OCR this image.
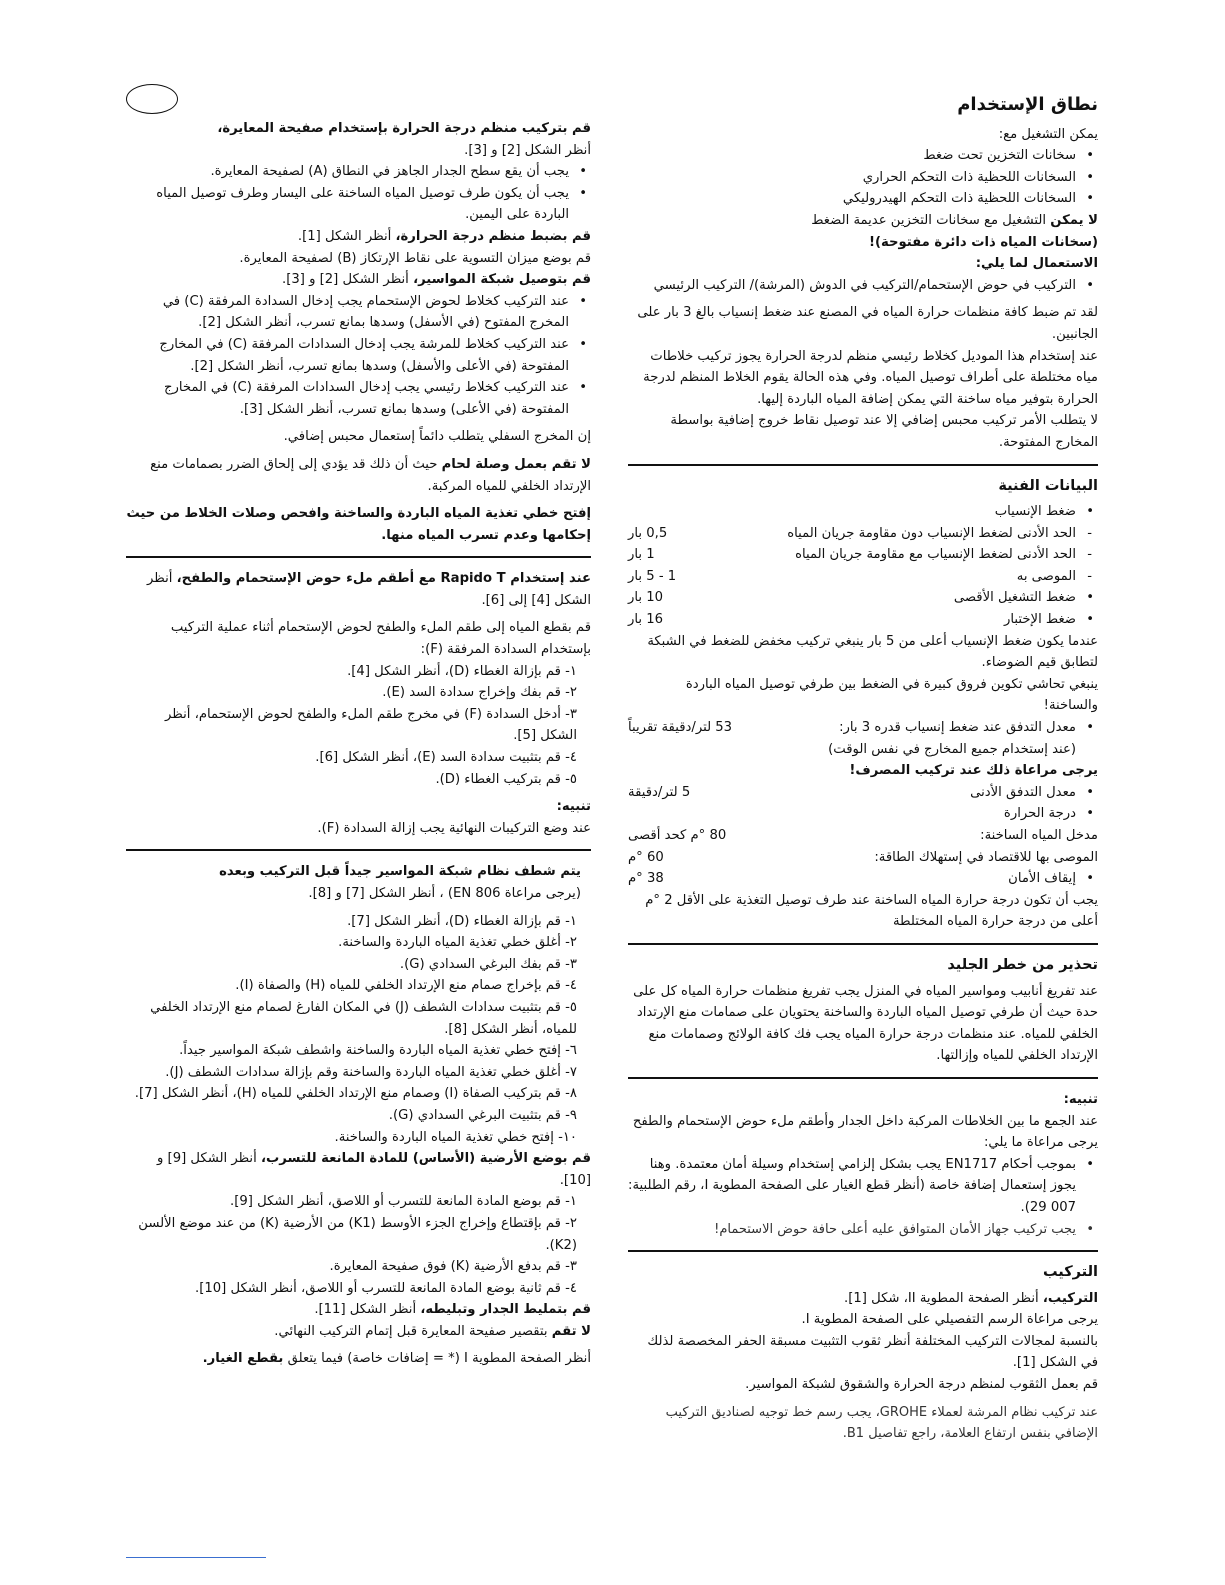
نطاق الإستخدام

يمكن التشغيل مع:

• سخانات التخزين تحت ضغط

• السخانات اللحظية ذات التحكم الحراري

• السخانات اللحظية ذات التحكم الهيدروليكي

لا يمكن التشغيل مع سخانات التخزين عديمة الضغط

(سخانات المياه ذات دائرة مفتوحة)!

الاستعمال لما يلي:

• التركيب في حوض الإستحمام/التركيب في الدوش (المرشة)/ التركيب الرئيسي

لقد تم ضبط كافة منظمات حرارة المياه في المصنع عند ضغط إنسياب بالغ 3 بار على الجانبين.

عند إستخدام هذا الموديل كخلاط رئيسي منظم لدرجة الحرارة يجوز تركيب خلاطات مياه مختلطة على أطراف توصيل المياه. وفي هذه الحالة يقوم الخلاط المنظم لدرجة الحرارة بتوفير مياه ساخنة التي يمكن إضافة المياه الباردة إليها.

لا يتطلب الأمر تركيب محبس إضافي إلا عند توصيل نقاط خروج إضافية بواسطة المخارج المفتوحة.

البيانات الفنية

• ضغط الإنسياب

- الحد الأدنى لضغط الإنسياب دون مقاومة جريان المياه
0,5 بار
- الحد الأدنى لضغط الإنسياب مع مقاومة جريان المياه
1 بار
- الموصى به
1 - 5 بار
• ضغط التشغيل الأقصى
10 بار
• ضغط الإختبار
16 بار

عندما يكون ضغط الإنسياب أعلى من 5 بار ينبغي تركيب مخفض للضغط في الشبكة لتطابق قيم الضوضاء.

ينبغي تحاشي تكوين فروق كبيرة في الضغط بين طرفي توصيل المياه الباردة والساخنة!

• معدل التدفق عند ضغط إنسياب قدره 3 بار:
53 لتر/دقيقة تقريباً

(عند إستخدام جميع المخارج في نفس الوقت)

يرجى مراعاة ذلك عند تركيب المصرف!

• معدل التدفق الأدنى
5 لتر/دقيقة

• درجة الحرارة

مدخل المياه الساخنة:
80 °م كحد أقصى
الموصى بها للاقتصاد في إستهلاك الطاقة:
60 °م
• إيقاف الأمان
38 °م

يجب أن تكون درجة حرارة المياه الساخنة عند طرف توصيل التغذية على الأقل 2 °م أعلى من درجة حرارة المياه المختلطة

تحذير من خطر الجليد

عند تفريغ أنابيب ومواسير المياه في المنزل يجب تفريغ منظمات حرارة المياه كل على حدة حيث أن طرفي توصيل المياه الباردة والساخنة يحتويان على صمامات منع الإرتداد الخلفي للمياه. عند منظمات درجة حرارة المياه يجب فك كافة الولائج وصمامات منع الإرتداد الخلفي للمياه وإزالتها.

تنبيه:

عند الجمع ما بين الخلاطات المركبة داخل الجدار وأطقم ملء حوض الإستحمام والطفح يرجى مراعاة ما يلي:

• بموجب أحكام EN1717 يجب بشكل إلزامي إستخدام وسيلة أمان معتمدة. وهنا يجوز إستعمال إضافة خاصة (أنظر قطع الغيار على الصفحة المطوية I، رقم الطلبية: 007 29).

• يجب تركيب جهاز الأمان المتوافق عليه أعلى حافة حوض الاستحمام!

التركيب

التركيب، أنظر الصفحة المطوية II، شكل [1].

يرجى مراعاة الرسم التفصيلي على الصفحة المطوية I.

بالنسبة لمجالات التركيب المختلفة أنظر ثقوب التثبيت مسبقة الحفر المخصصة لذلك في الشكل [1].

قم بعمل الثقوب لمنظم درجة الحرارة والشقوق لشبكة المواسير.

عند تركيب نظام المرشة لعملاء GROHE، يجب رسم خط توجيه لصناديق التركيب الإضافي بنفس ارتفاع العلامة، راجع تفاصيل B1.

قم بتركيب منظم درجة الحرارة بإستخدام صفيحة المعايرة،

أنظر الشكل [2] و [3].

• يجب أن يقع سطح الجدار الجاهز في النطاق (A) لصفيحة المعايرة.

• يجب أن يكون طرف توصيل المياه الساخنة على اليسار وطرف توصيل المياه الباردة على اليمين.

قم بضبط منظم درجة الحرارة، أنظر الشكل [1].

قم بوضع ميزان التسوية على نقاط الإرتكاز (B) لصفيحة المعايرة.

قم بتوصيل شبكة المواسير، أنظر الشكل [2] و [3].

• عند التركيب كخلاط لحوض الإستحمام يجب إدخال السدادة المرفقة (C) في المخرج المفتوح (في الأسفل) وسدها بمانع تسرب، أنظر الشكل [2].

• عند التركيب كخلاط للمرشة يجب إدخال السدادات المرفقة (C) في المخارج المفتوحة (في الأعلى والأسفل) وسدها بمانع تسرب، أنظر الشكل [2].

• عند التركيب كخلاط رئيسي يجب إدخال السدادات المرفقة (C) في المخارج المفتوحة (في الأعلى) وسدها بمانع تسرب، أنظر الشكل [3].

إن المخرج السفلي يتطلب دائماً إستعمال محبس إضافي.

لا تقم بعمل وصلة لحام حيث أن ذلك قد يؤدي إلى إلحاق الضرر بصمامات منع الإرتداد الخلفي للمياه المركبة.

إفتح خطي تغذية المياه الباردة والساخنة وافحص وصلات الخلاط من حيث إحكامها وعدم تسرب المياه منها.

عند إستخدام Rapido T مع أطقم ملء حوض الإستحمام والطفح، أنظر الشكل [4] إلى [6].

قم بقطع المياه إلى طقم الملء والطفح لحوض الإستحمام أثناء عملية التركيب بإستخدام السدادة المرفقة (F):

١- قم بإزالة الغطاء (D)، أنظر الشكل [4].

٢- قم بفك وإخراج سدادة السد (E).

٣- أدخل السدادة (F) في مخرج طقم الملء والطفح لحوض الإستحمام، أنظر الشكل [5].

٤- قم بتثبيت سدادة السد (E)، أنظر الشكل [6].

٥- قم بتركيب الغطاء (D).

تنبيه:

عند وضع التركيبات النهائية يجب إزالة السدادة (F).

يتم شطف نظام شبكة المواسير جيداً قبل التركيب وبعده

(يرجى مراعاة EN 806) ، أنظر الشكل [7] و [8].

١- قم بإزالة الغطاء (D)، أنظر الشكل [7].

٢- أغلق خطي تغذية المياه الباردة والساخنة.

٣- قم بفك البرغي السدادي (G).

٤- قم بإخراج صمام منع الإرتداد الخلفي للمياه (H) والصفاة (I).

٥- قم بتثبيت سدادات الشطف (J) في المكان الفارغ لصمام منع الإرتداد الخلفي للمياه، أنظر الشكل [8].

٦- إفتح خطي تغذية المياه الباردة والساخنة واشطف شبكة المواسير جيداً.

٧- أغلق خطي تغذية المياه الباردة والساخنة وقم بإزالة سدادات الشطف (J).

٨- قم بتركيب الصفاة (I) وصمام منع الإرتداد الخلفي للمياه (H)، أنظر الشكل [7].

٩- قم بتثبيت البرغي السدادي (G).

١٠- إفتح خطي تغذية المياه الباردة والساخنة.

قم بوضع الأرضية (الأساس) للمادة المانعة للتسرب، أنظر الشكل [9] و [10].

١- قم بوضع المادة المانعة للتسرب أو اللاصق، أنظر الشكل [9].

٢- قم بإقتطاع وإخراج الجزء الأوسط (K1) من الأرضية (K) من عند موضع الألسن (K2).

٣- قم بدفع الأرضية (K) فوق صفيحة المعايرة.

٤- قم ثانية بوضع المادة المانعة للتسرب أو اللاصق، أنظر الشكل [10].

قم بتمليط الجدار وتبليطه، أنظر الشكل [11].

لا تقم بتقصير صفيحة المعايرة قبل إتمام التركيب النهائي.

أنظر الصفحة المطوية I (* = إضافات خاصة) فيما يتعلق بقطع الغيار.
